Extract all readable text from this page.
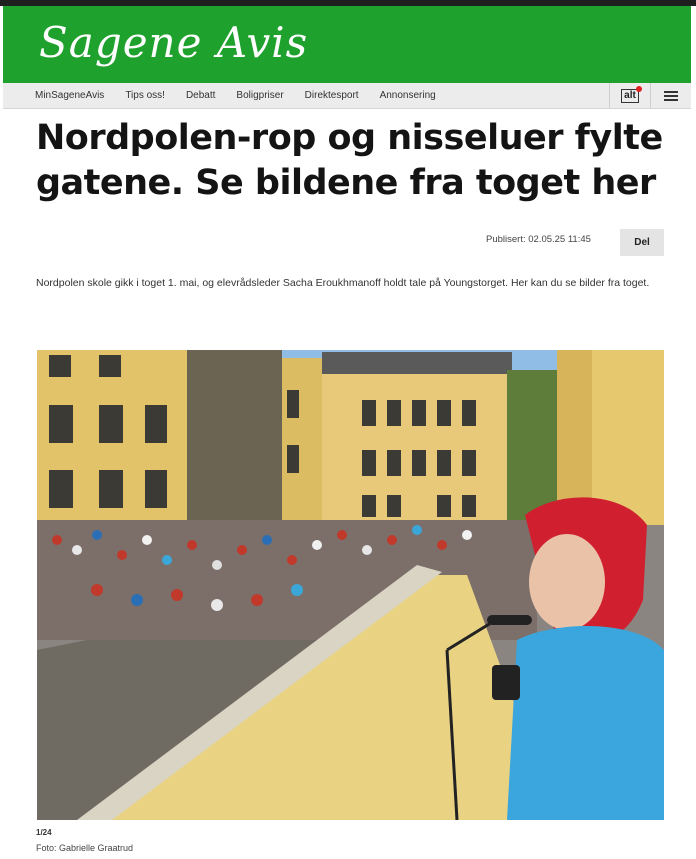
Sagene Avis
MinSageneAvis Tips oss! Debatt Boligpriser Direktesport Annonsering	alt
Nordpolen-rop og nisseluer fylte
gatene. Se bildene fra toget her
Publisert: 02.05.25 11:45	Del

Nordpolen skole gikk i toget 1. mai, og elevrådsleder Sacha Eroukhmanoff holdt tale på Youngstorget. Her kan du se bilder fra toget.

1/24
Foto: Gabrielle Graatrud
